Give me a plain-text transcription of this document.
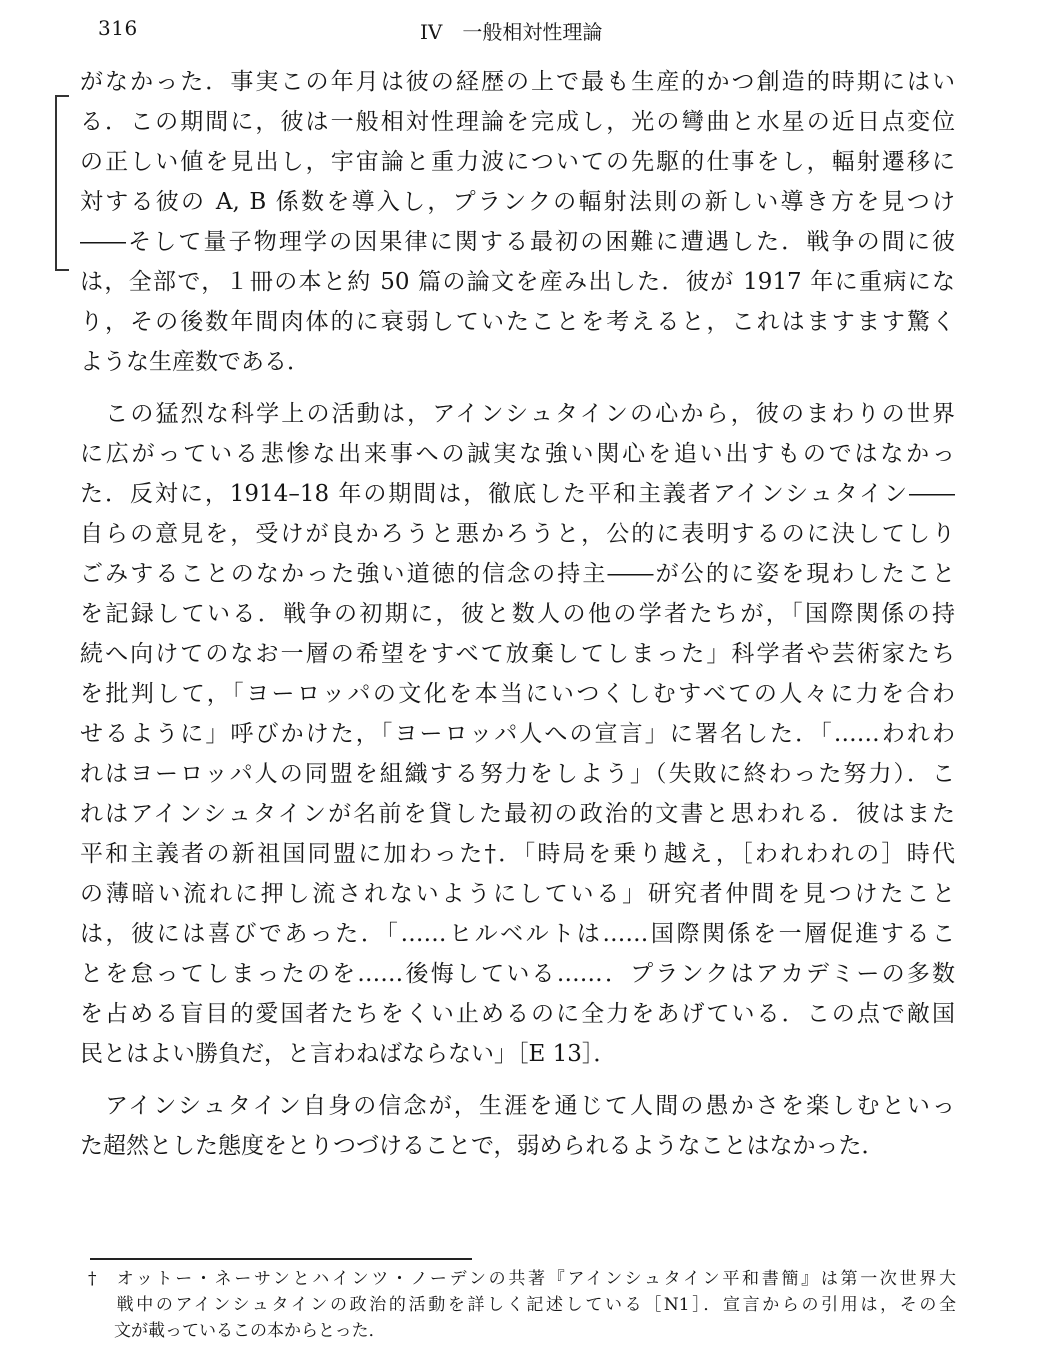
316	IV　一般相対性理論
がなかった．事実この年月は彼の経歴の上で最も生産的かつ創造的時期にはい
る．この期間に，彼は一般相対性理論を完成し，光の彎曲と水星の近日点変位
の正しい値を見出し，宇宙論と重力波についての先駆的仕事をし，輻射遷移に
対する彼の A, B 係数を導入し，プランクの輻射法則の新しい導き方を見つけ
――そして量子物理学の因果律に関する最初の困難に遭遇した．戦争の間に彼
は，全部で，１冊の本と約 50 篇の論文を産み出した．彼が 1917 年に重病にな
り，その後数年間肉体的に衰弱していたことを考えると，これはますます驚く
ような生産数である．
　この猛烈な科学上の活動は，アインシュタインの心から，彼のまわりの世界
に広がっている悲惨な出来事への誠実な強い関心を追い出すものではなかっ
た．反対に，1914–18 年の期間は，徹底した平和主義者アインシュタイン――
自らの意見を，受けが良かろうと悪かろうと，公的に表明するのに決してしり
ごみすることのなかった強い道徳的信念の持主――が公的に姿を現わしたこと
を記録している．戦争の初期に，彼と数人の他の学者たちが，「国際関係の持
続へ向けてのなお一層の希望をすべて放棄してしまった」科学者や芸術家たち
を批判して，「ヨーロッパの文化を本当にいつくしむすべての人々に力を合わ
せるように」呼びかけた，「ヨーロッパ人への宣言」に署名した．「……われわ
れはヨーロッパ人の同盟を組織する努力をしよう」（失敗に終わった努力）．こ
れはアインシュタインが名前を貸した最初の政治的文書と思われる．彼はまた
平和主義者の新祖国同盟に加わった†．「時局を乗り越え，［われわれの］時代
の薄暗い流れに押し流されないようにしている」研究者仲間を見つけたこと
は，彼には喜びであった．「……ヒルベルトは……国際関係を一層促進するこ
とを怠ってしまったのを……後悔している……．プランクはアカデミーの多数
を占める盲目的愛国者たちをくい止めるのに全力をあげている．この点で敵国
民とはよい勝負だ，と言わねばならない」［E 13］．
　アインシュタイン自身の信念が，生涯を通じて人間の愚かさを楽しむといっ
た超然とした態度をとりつづけることで，弱められるようなことはなかった．
† オットー・ネーサンとハインツ・ノーデンの共著『アインシュタイン平和書簡』は第一次世界大
戦中のアインシュタインの政治的活動を詳しく記述している［N1］．宣言からの引用は，その全
文が載っているこの本からとった．
